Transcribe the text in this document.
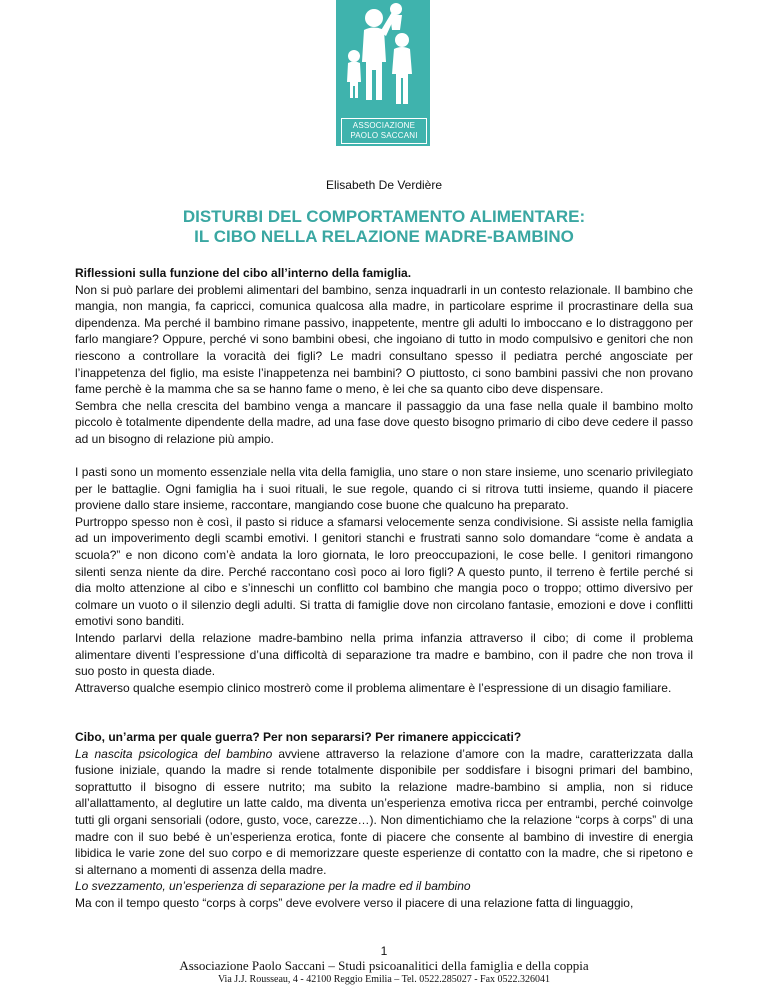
ASSOCIAZIONE
PAOLO SACCANI
Elisabeth De Verdière
DISTURBI DEL COMPORTAMENTO ALIMENTARE:
IL CIBO NELLA RELAZIONE MADRE-BAMBINO

Riflessioni sulla funzione del cibo all’interno della famiglia.

Non si può parlare dei problemi alimentari del bambino, senza inquadrarli in un contesto relazionale. Il bambino che mangia, non mangia, fa capricci, comunica qualcosa alla madre, in particolare esprime il procrastinare della sua dipendenza. Ma perché il bambino rimane passivo, inappetente, mentre gli adulti lo imboccano e lo distraggono per farlo mangiare? Oppure, perché vi sono bambini obesi, che ingoiano di tutto in modo compulsivo e genitori che non riescono a controllare la voracità dei figli? Le madri consultano spesso il pediatra perché angosciate per l’inappetenza del figlio, ma esiste l’inappetenza nei bambini? O piuttosto, ci sono bambini passivi che non provano fame perchè è la mamma che sa se hanno fame o meno, è lei che sa quanto cibo deve dispensare.

Sembra che nella crescita del bambino venga a mancare il passaggio da una fase nella quale il bambino molto piccolo è totalmente dipendente della madre, ad una fase dove questo bisogno primario di cibo deve cedere il passo ad un bisogno di relazione più ampio.

I pasti sono un momento essenziale nella vita della famiglia, uno stare o non stare insieme, uno scenario privilegiato per le battaglie. Ogni famiglia ha i suoi rituali, le sue regole, quando ci si ritrova tutti insieme, quando il piacere proviene dallo stare insieme, raccontare, mangiando cose buone che qualcuno ha preparato.

Purtroppo spesso non è così, il pasto si riduce a sfamarsi velocemente senza condivisione. Si assiste nella famiglia ad un impoverimento degli scambi emotivi. I genitori stanchi e frustrati sanno solo domandare “come è andata a scuola?” e non dicono com’è andata la loro giornata, le loro preoccupazioni, le cose belle. I genitori rimangono silenti senza niente da dire. Perché raccontano così poco ai loro figli? A questo punto, il terreno è fertile perché si dia molto attenzione al cibo e s’inneschi un conflitto col bambino che mangia poco o troppo; ottimo diversivo per colmare un vuoto o il silenzio degli adulti. Si tratta di famiglie dove non circolano fantasie, emozioni e dove i conflitti emotivi sono banditi.

Intendo parlarvi della relazione madre-bambino nella prima infanzia attraverso il cibo; di come il problema alimentare diventi l’espressione d’una difficoltà di separazione tra madre e bambino, con il padre che non trova il suo posto in questa diade.

Attraverso qualche esempio clinico mostrerò come il problema alimentare è l’espressione di un disagio familiare.

Cibo, un’arma per quale guerra? Per non separarsi? Per rimanere appiccicati?

La nascita psicologica del bambino avviene attraverso la relazione d’amore con la madre, caratterizzata dalla fusione iniziale, quando la madre si rende totalmente disponibile per soddisfare i bisogni primari del bambino, soprattutto il bisogno di essere nutrito; ma subito la relazione madre-bambino si amplia, non si riduce all’allattamento, al deglutire un latte caldo, ma diventa un’esperienza emotiva ricca per entrambi, perché coinvolge tutti gli organi sensoriali (odore, gusto, voce, carezze…). Non dimentichiamo che la relazione “corps à corps” di una madre con il suo bebé è un’esperienza erotica, fonte di piacere che consente al bambino di investire di energia libidica le varie zone del suo corpo e di memorizzare queste esperienze di contatto con la madre, che si ripetono e si alternano a momenti di assenza della madre.

Lo svezzamento, un’esperienza di separazione per la madre ed il bambino

Ma con il tempo questo “corps à corps” deve evolvere verso il piacere di una relazione fatta di linguaggio,

1
Associazione Paolo Saccani – Studi psicoanalitici della famiglia e della coppia
Via J.J. Rousseau, 4 - 42100 Reggio Emilia – Tel. 0522.285027 - Fax 0522.326041
